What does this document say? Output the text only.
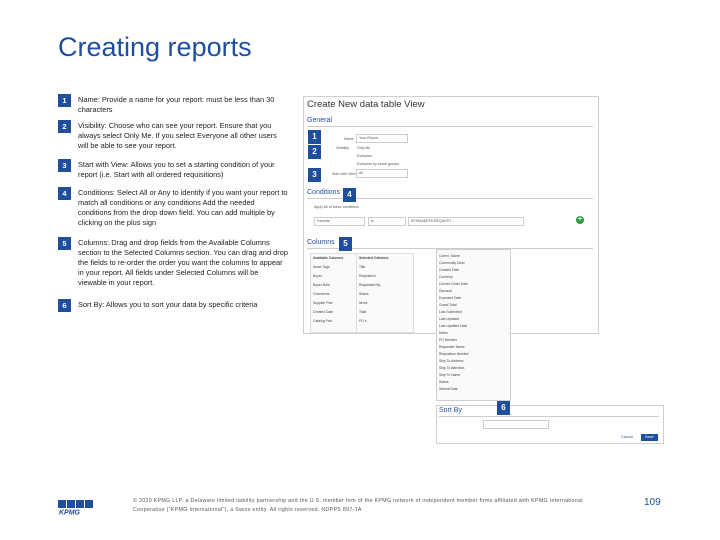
Creating reports
1	Name: Provide a name for your report: must be less than 30 characters
2	Visibility: Choose who can see your report. Ensure that you always select Only Me. If you select Everyone all other users will be able to see your report.
3	Start with View: Allows you to set a starting condition of your report (i.e. Start with all ordered requisitions)
4	Conditions: Select All or Any to identify if you want your report to match all conditions or any conditions Add the needed conditions from the drop down field. You can add multiple by clicking on the plus sign
5	Columns: Drag and drop fields from the Available Columns section to the Selected Columns section. You can drag and drop the fields to re-order the order you want the columns to appear in your report. All fields under Selected Columns will be viewable in your report.
6	Sort By: Allows you to sort your data by specific criteria
Create New data table View
General
Name	Your Report
Visibility Only Me
Everyone
Everyone by share groups
Start with View All
Conditions
Apply All of these conditions
Favorite	is	KFMGADEF6 REQUEST ...	+
Columns
Available Columns
Asset Tags
Buyer
Buyer Note
Comments
Supplier Part
Created Date
Catalog Part
Selected Columns
Title
Requisition
Requested By
Status
Items
Total
PO #
Comm. Name
Commodity Desc
Created Date
Currency
Current Order Date
Discount
Expected Date
Grand Total
Last Submitted
Last Updated
Last Updated Date
Notes
PO Number
Requester Name
Requisition Number
Ship To Address
Ship To Attention
Ship To Name
Status
Submit Date
Sort By
Cancel	Save
1
2
3
4
5
6
KPMG
© 2020 KPMG LLP, a Delaware limited liability partnership and the U.S. member firm of the KPMG network of independent member firms affiliated with KPMG International Cooperative ("KPMG International"), a Swiss entity. All rights reserved. NDPPS 897-1A
109
